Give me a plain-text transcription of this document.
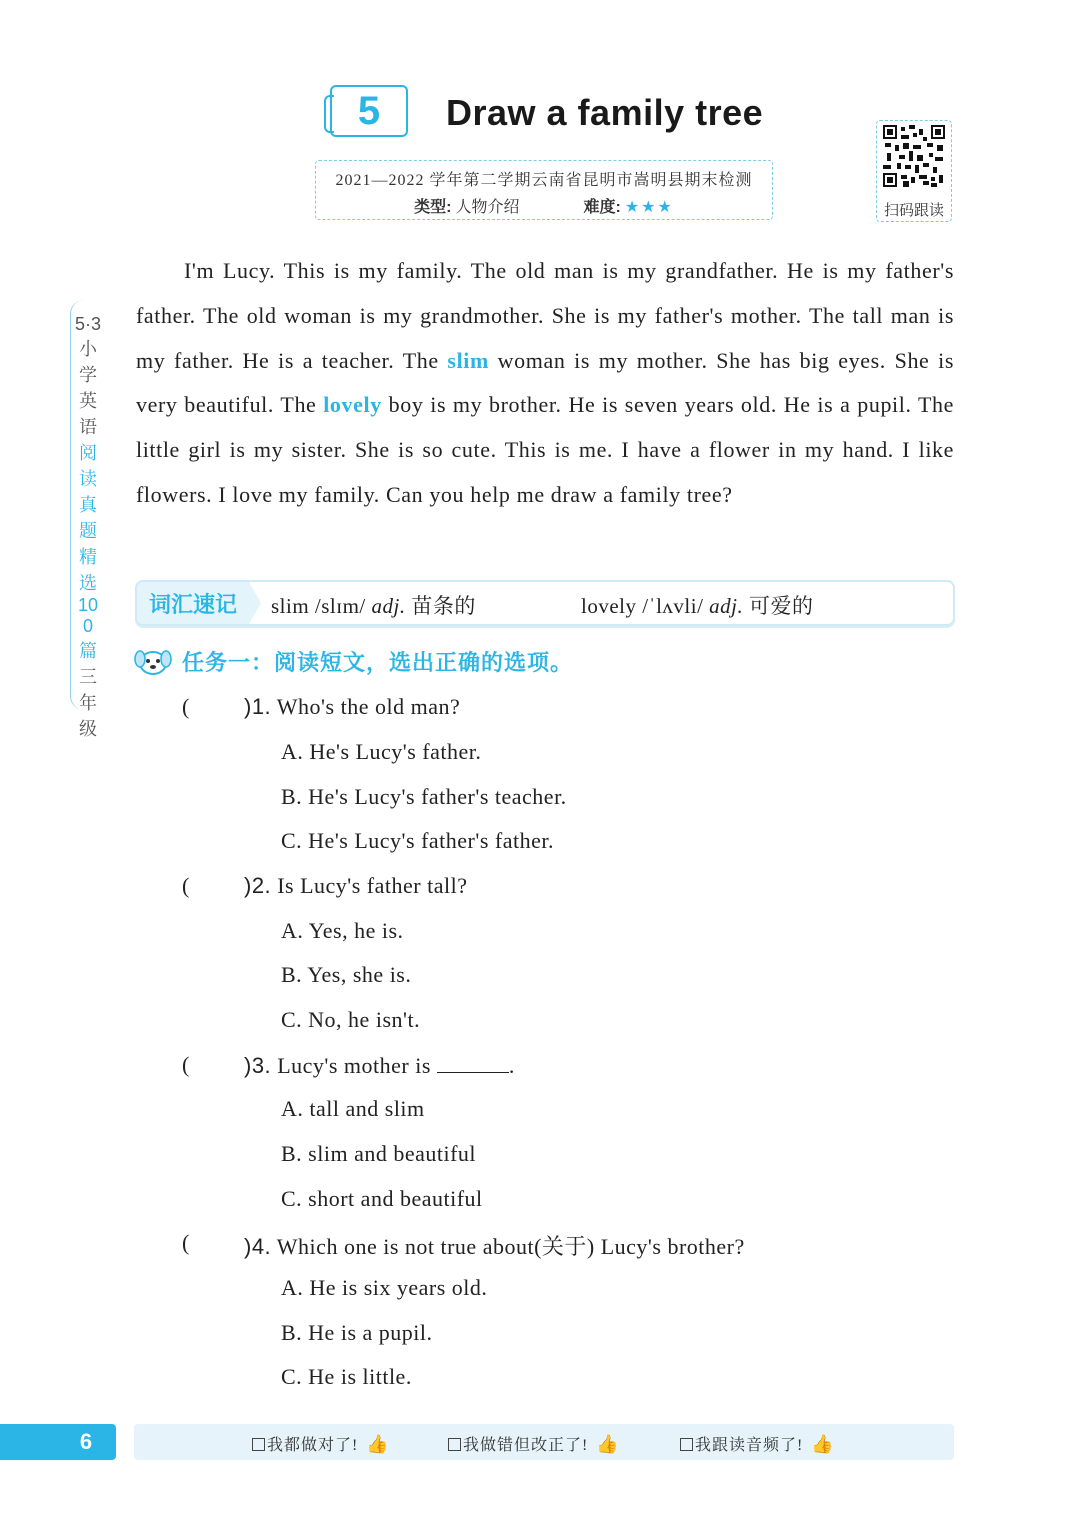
5	Draw a family tree
2021—2022 学年第二学期云南省昆明市嵩明县期末检测
类型: 人物介绍	难度: ★★★	扫码跟读
5·3小学英语阅读真题精选100篇三年级

I'm Lucy. This is my family. The old man is my grandfather. He is my father's father. The old woman is my grandmother. She is my father's mother. The tall man is my father. He is a teacher. The slim woman is my mother. She has big eyes. She is very beautiful. The lovely boy is my brother. He is seven years old. He is a pupil. The little girl is my sister. She is so cute. This is me. I have a flower in my hand. I like flowers. I love my family. Can you help me draw a family tree?

词汇速记	slim /slɪm/ adj. 苗条的	lovely /ˈlʌvli/ adj. 可爱的
任务一：阅读短文，选出正确的选项。
( )1. Who's the old man?
A. He's Lucy's father.
B. He's Lucy's father's teacher.
C. He's Lucy's father's father.
( )2. Is Lucy's father tall?
A. Yes, he is.
B. Yes, she is.
C. No, he isn't.
( )3. Lucy's mother is	.
A. tall and slim
B. slim and beautiful
C. short and beautiful
( )4. Which one is not true about(关于) Lucy's brother?
A. He is six years old.
B. He is a pupil.
C. He is little.
6	我都做对了! 👍	我做错但改正了! 👍	我跟读音频了! 👍
